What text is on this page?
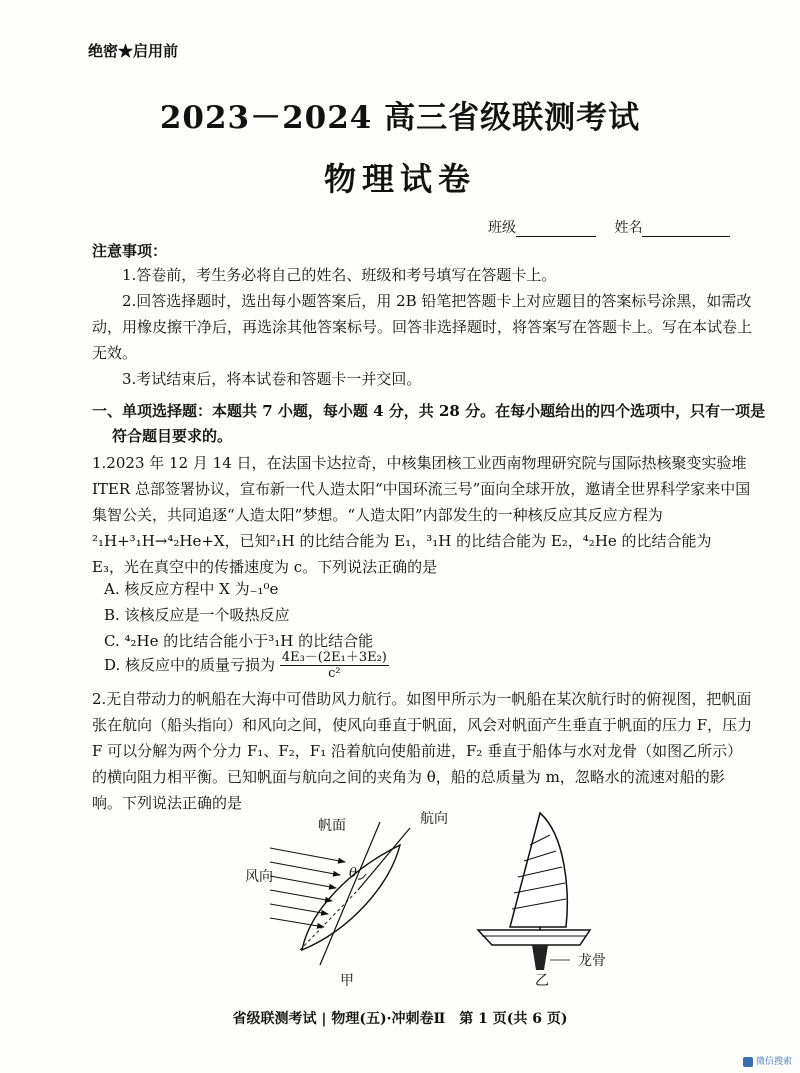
绝密★启用前
2023－2024 高三省级联测考试
物理试卷
班级	姓名
注意事项：
1.答卷前，考生务必将自己的姓名、班级和考号填写在答题卡上。
2.回答选择题时，选出每小题答案后，用 2B 铅笔把答题卡上对应题目的答案标号涂黑，如需改动，用橡皮擦干净后，再选涂其他答案标号。回答非选择题时，将答案写在答题卡上。写在本试卷上无效。
3.考试结束后，将本试卷和答题卡一并交回。
一、单项选择题：本题共 7 小题，每小题 4 分，共 28 分。在每小题给出的四个选项中，只有一项是
符合题目要求的。
1.2023 年 12 月 14 日，在法国卡达拉奇，中核集团核工业西南物理研究院与国际热核聚变实验堆 ITER 总部签署协议，宣布新一代人造太阳“中国环流三号”面向全球开放，邀请全世界科学家来中国集智公关，共同追逐“人造太阳”梦想。“人造太阳”内部发生的一种核反应其反应方程为²₁H+³₁H→⁴₂He+X，已知²₁H 的比结合能为 E₁，³₁H 的比结合能为 E₂，⁴₂He 的比结合能为
E₃，光在真空中的传播速度为 c。下列说法正确的是
A. 核反应方程中 X 为₋₁⁰e
B. 该核反应是一个吸热反应
C. ⁴₂He 的比结合能小于³₁H 的比结合能
D. 核反应中的质量亏损为 $\frac{\text{4E₃－(2E₁＋3E₂)}}{\text{c²}}$
2.无自带动力的帆船在大海中可借助风力航行。如图甲所示为一帆船在某次航行时的俯视图，把帆面张在航向（船头指向）和风向之间，使风向垂直于帆面，风会对帆面产生垂直于帆面的压力 F，压力 F 可以分解为两个分力 F₁、F₂，F₁ 沿着航向使船前进，F₂ 垂直于船体与水对龙骨（如图乙所示）的横向阻力相平衡。已知帆面与航向之间的夹角为 θ，船的总质量为 m，忽略水的流速对船的影响。下列说法正确的是
帆面	航向
风向	θ
甲
龙骨
乙
省级联测考试 | 物理(五)·冲刺卷Ⅱ　第 1 页(共 6 页)
微信搜索
